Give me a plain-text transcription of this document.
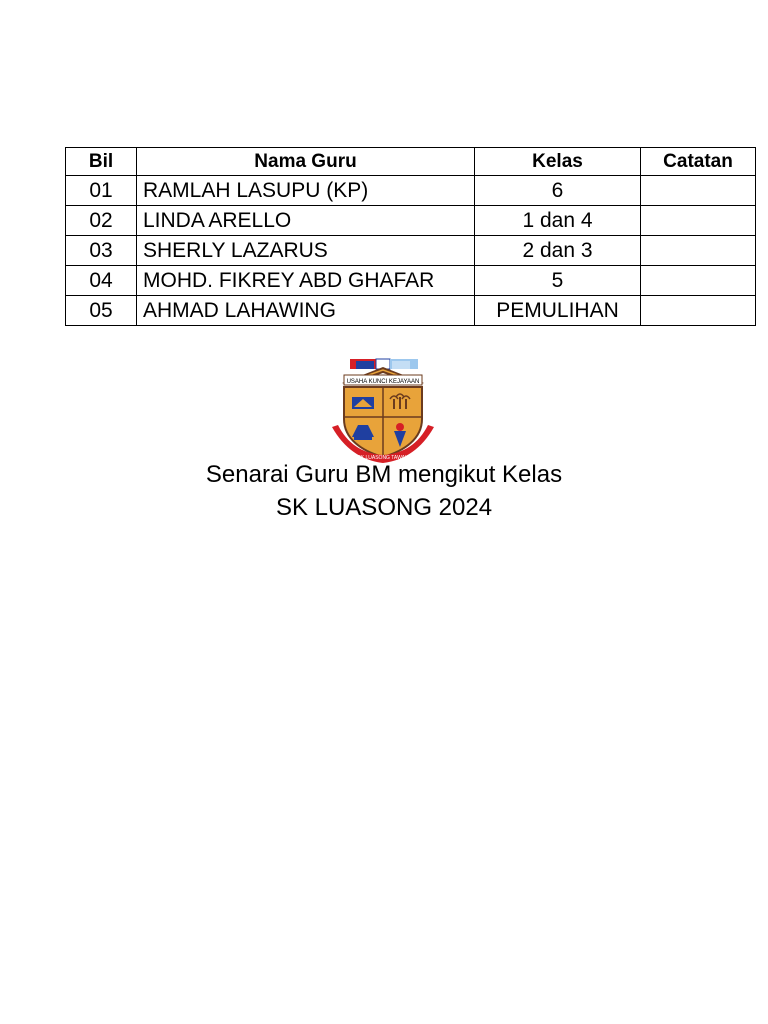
Bil	Nama Guru	Kelas	Catatan
01	RAMLAH LASUPU (KP)	6	
02	LINDA ARELLO	1 dan 4	
03	SHERLY LAZARUS	2 dan 3	
04	MOHD. FIKREY ABD GHAFAR	5	
05	AHMAD LAHAWING	PEMULIHAN	
USAHA KUNCI KEJAYAAN
SK LUASONG TAWAU
Senarai Guru BM mengikut Kelas
SK LUASONG 2024
